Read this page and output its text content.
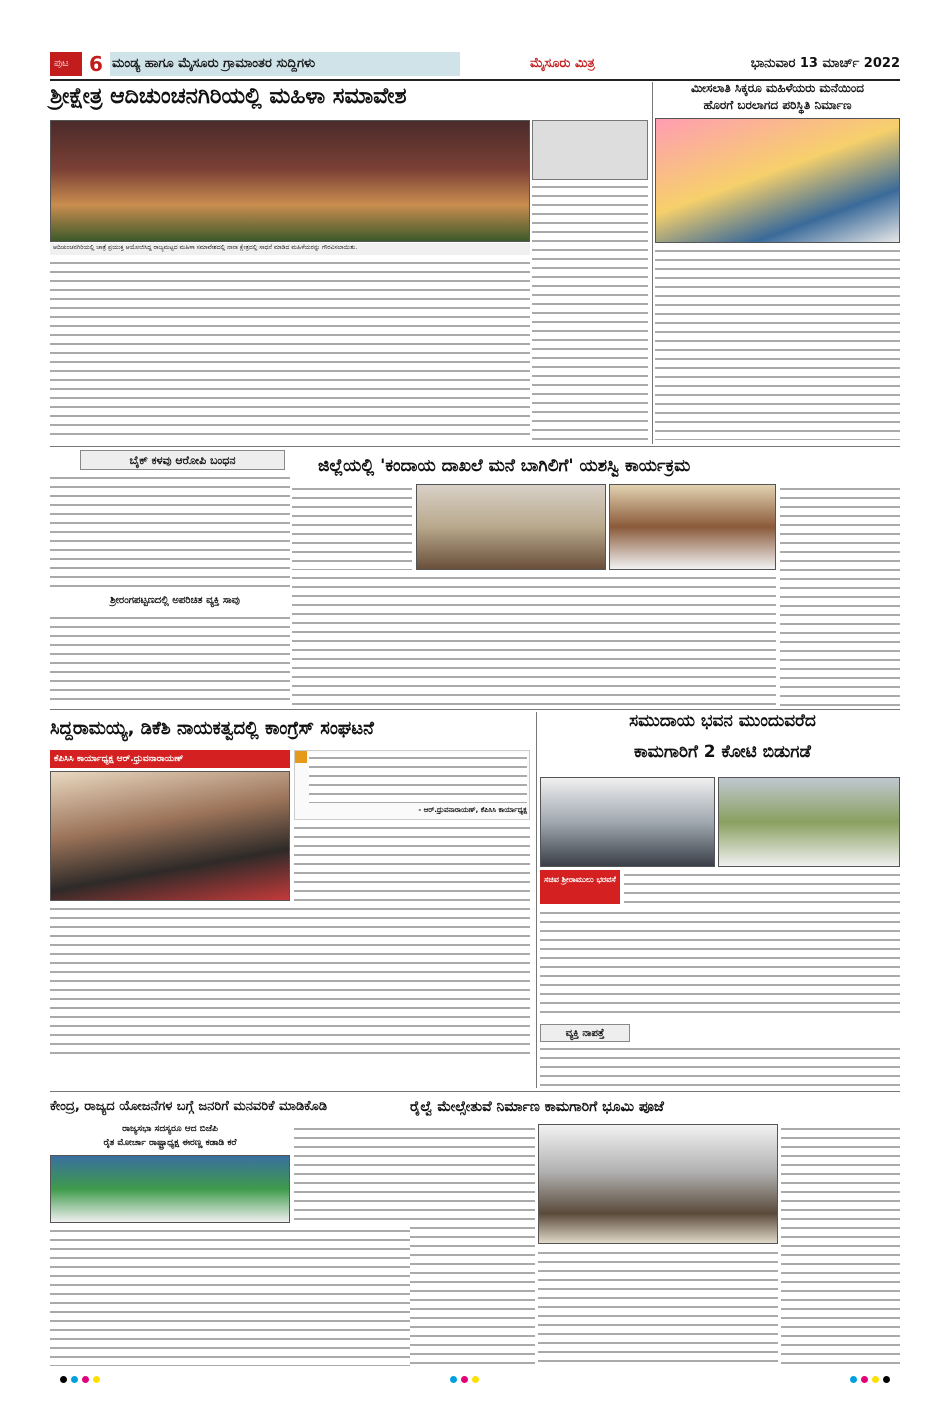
ಪುಟ	6 ಮಂಡ್ಯ ಹಾಗೂ ಮೈಸೂರು ಗ್ರಾಮಾಂತರ ಸುದ್ದಿಗಳು	ಮೈಸೂರು ಮಿತ್ರ	ಭಾನುವಾರ 13 ಮಾರ್ಚ್ 2022
ಶ್ರೀಕ್ಷೇತ್ರ ಆದಿಚುಂಚನಗಿರಿಯಲ್ಲಿ ಮಹಿಳಾ ಸಮಾವೇಶ
ಆದಿಚುಂಚನಗಿರಿಯಲ್ಲಿ ಚಾತ್ರೆ ಪ್ರಯುಕ್ತ ಆಯೋಜಿಸಿದ್ದ ರಾಜ್ಯಮಟ್ಟದ ಮಹಿಳಾ ಸಮಾವೇಶದಲ್ಲಿ ನಾನಾ ಕ್ಷೇತ್ರದಲ್ಲಿ ಸಾಧನೆ ಮಾಡಿದ ಮಹಿಳೆಯರನ್ನು ಗೌರವಿಸಲಾಯಿತು.
ಮೀಸಲಾತಿ ಸಿಕ್ಕರೂ ಮಹಿಳೆಯರು ಮನೆಯಿಂದ
ಹೊರಗೆ ಬರಲಾಗದ ಪರಿಸ್ಥಿತಿ ನಿರ್ಮಾಣ
ಬೈಕ್ ಕಳವು ಆರೋಪಿ ಬಂಧನ
ಶ್ರೀರಂಗಪಟ್ಟಣದಲ್ಲಿ ಅಪರಿಚಿತ ವ್ಯಕ್ತಿ ಸಾವು
ಜಿಲ್ಲೆಯಲ್ಲಿ 'ಕಂದಾಯ ದಾಖಲೆ ಮನೆ ಬಾಗಿಲಿಗೆ' ಯಶಸ್ವಿ ಕಾರ್ಯಕ್ರಮ
ಸಿದ್ದರಾಮಯ್ಯ, ಡಿಕೆಶಿ ನಾಯಕತ್ವದಲ್ಲಿ ಕಾಂಗ್ರೆಸ್ ಸಂಘಟನೆ
ಕೆಪಿಸಿಸಿ ಕಾರ್ಯಾಧ್ಯಕ್ಷ ಆರ್.ಧ್ರುವನಾರಾಯಣ್
- ಆರ್.ಧ್ರುವನಾರಾಯಣ್, ಕೆಪಿಸಿಸಿ ಕಾರ್ಯಾಧ್ಯಕ್ಷ
ಸಮುದಾಯ ಭವನ ಮುಂದುವರೆದ
ಕಾಮಗಾರಿಗೆ 2 ಕೋಟಿ ಬಿಡುಗಡೆ
ಸಚಿವ ಶ್ರೀರಾಮುಲು ಭರವಸೆ
ವ್ಯಕ್ತಿ ನಾಪತ್ತೆ
ಕೇಂದ್ರ, ರಾಜ್ಯದ ಯೋಜನೆಗಳ ಬಗ್ಗೆ ಜನರಿಗೆ ಮನವರಿಕೆ ಮಾಡಿಕೊಡಿ
ರಾಜ್ಯಸಭಾ ಸದಸ್ಯರೂ ಆದ ಬಿಜೆಪಿ
ರೈತ ಮೋರ್ಚಾ ರಾಷ್ಟ್ರಾಧ್ಯಕ್ಷ ಈರಣ್ಣ ಕಡಾಡಿ ಕರೆ
ರೈಲ್ವೆ ಮೇಲ್ಸೇತುವೆ ನಿರ್ಮಾಣ ಕಾಮಗಾರಿಗೆ ಭೂಮಿ ಪೂಜೆ
